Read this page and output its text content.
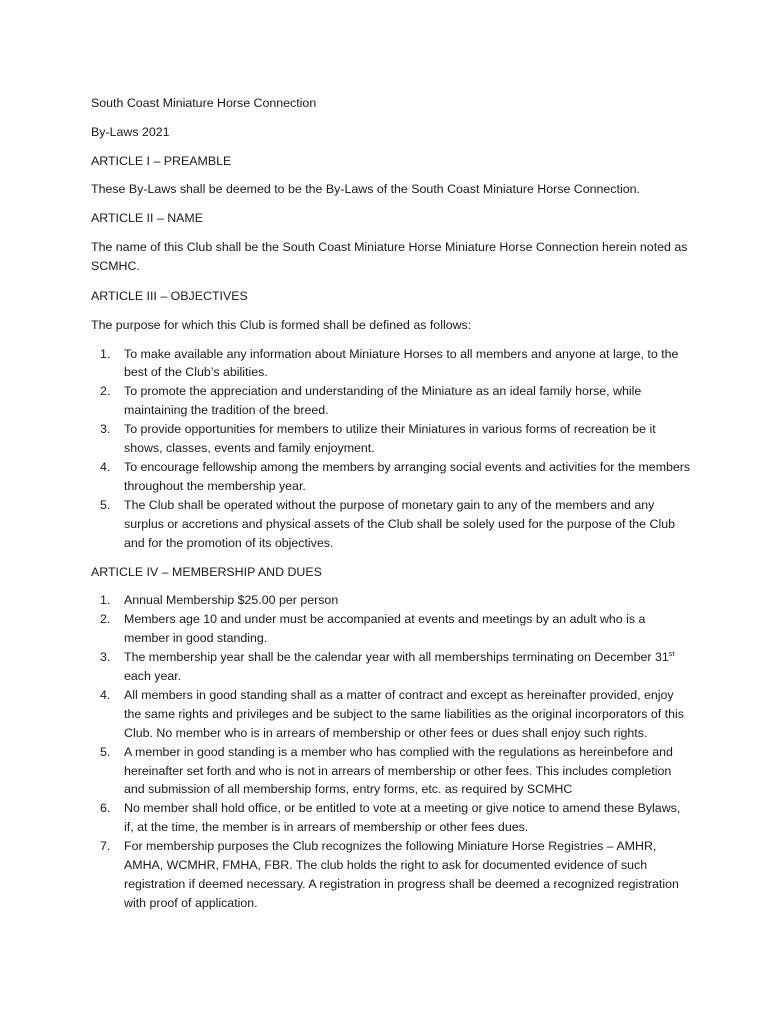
South Coast Miniature Horse Connection

By-Laws 2021

ARTICLE I – PREAMBLE

These By-Laws shall be deemed to be the By-Laws of the South Coast Miniature Horse Connection.

ARTICLE II – NAME

The name of this Club shall be the South Coast Miniature Horse Miniature Horse Connection herein noted as SCMHC.

ARTICLE III – OBJECTIVES

The purpose for which this Club is formed shall be defined as follows:

1. To make available any information about Miniature Horses to all members and anyone at large, to the best of the Club’s abilities.
2. To promote the appreciation and understanding of the Miniature as an ideal family horse, while maintaining the tradition of the breed.
3. To provide opportunities for members to utilize their Miniatures in various forms of recreation be it shows, classes, events and family enjoyment.
4. To encourage fellowship among the members by arranging social events and activities for the members throughout the membership year.
5. The Club shall be operated without the purpose of monetary gain to any of the members and any surplus or accretions and physical assets of the Club shall be solely used for the purpose of the Club and for the promotion of its objectives.

ARTICLE IV – MEMBERSHIP AND DUES

1. Annual Membership $25.00 per person
2. Members age 10 and under must be accompanied at events and meetings by an adult who is a member in good standing.
3. The membership year shall be the calendar year with all memberships terminating on December 31st each year.
4. All members in good standing shall as a matter of contract and except as hereinafter provided, enjoy the same rights and privileges and be subject to the same liabilities as the original incorporators of this Club. No member who is in arrears of membership or other fees or dues shall enjoy such rights.
5. A member in good standing is a member who has complied with the regulations as hereinbefore and hereinafter set forth and who is not in arrears of membership or other fees. This includes completion and submission of all membership forms, entry forms, etc. as required by SCMHC
6. No member shall hold office, or be entitled to vote at a meeting or give notice to amend these Bylaws, if, at the time, the member is in arrears of membership or other fees dues.
7. For membership purposes the Club recognizes the following Miniature Horse Registries – AMHR, AMHA, WCMHR, FMHA, FBR. The club holds the right to ask for documented evidence of such registration if deemed necessary. A registration in progress shall be deemed a recognized registration with proof of application.
